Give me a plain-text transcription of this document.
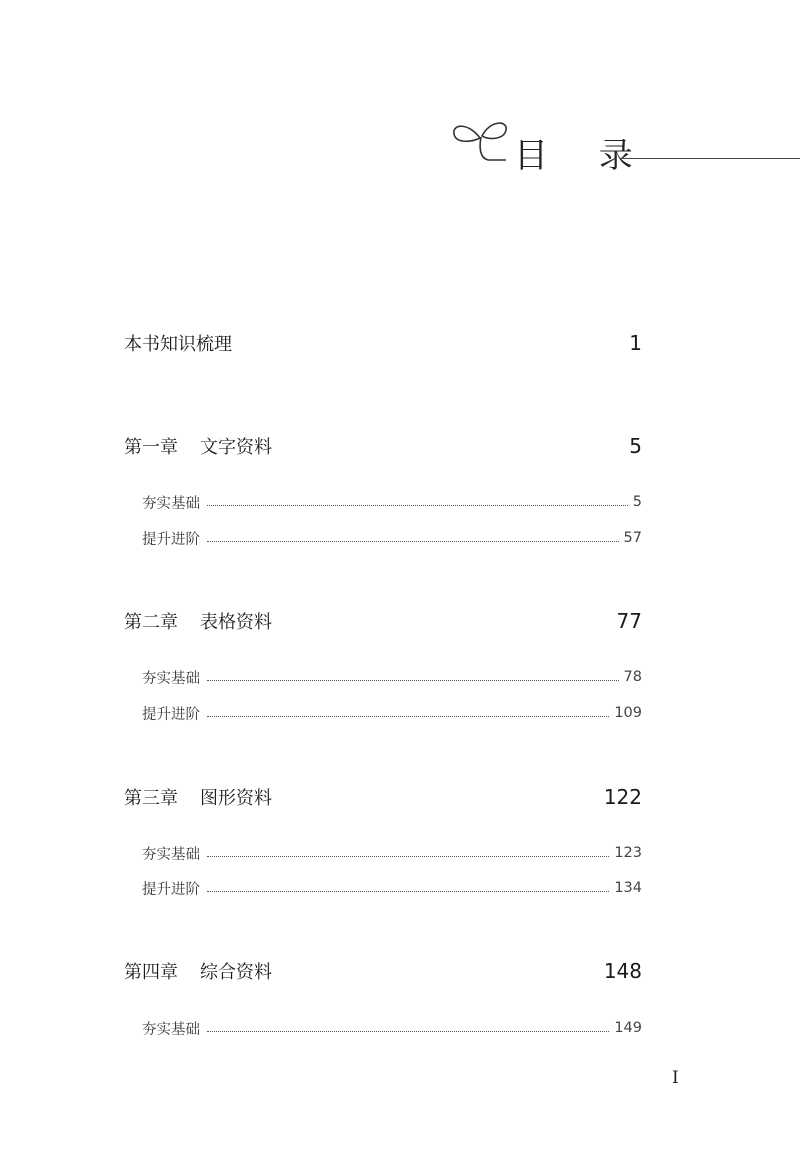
目 录
本书知识梳理	1
第一章 文字资料	5
夯实基础	5
提升进阶	57
第二章 表格资料	77
夯实基础	78
提升进阶	109
第三章 图形资料	122
夯实基础	123
提升进阶	134
第四章 综合资料	148
夯实基础	149
I
